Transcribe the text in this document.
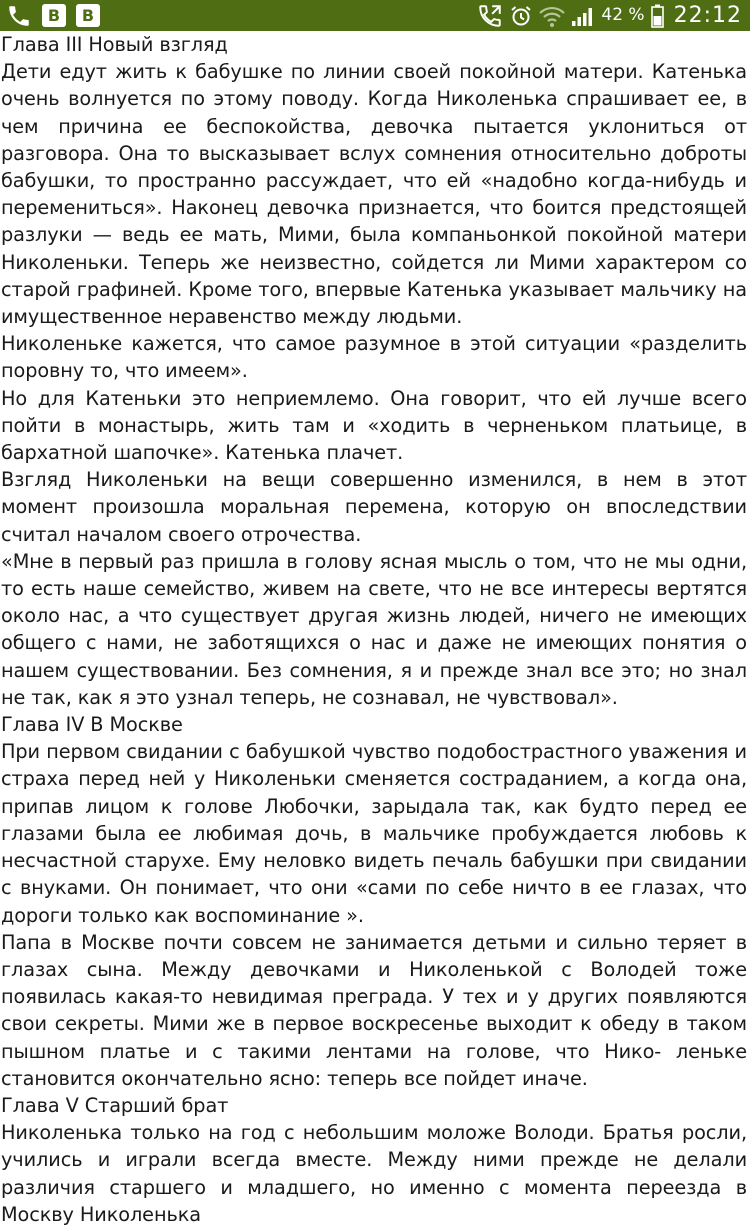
B B	42 % 22:12

Глава III Новый взгляд

Дети едут жить к бабушке по линии своей покойной матери. Катенька очень волнуется по этому поводу. Когда Николенька спрашивает ее, в чем причина ее беспокойства, девочка пытается уклониться от разговора. Она то высказывает вслух сомнения относительно доброты бабушки, то пространно рассуждает, что ей «надобно когда-нибудь и перемениться». Наконец девочка признается, что боится предстоящей разлуки — ведь ее мать, Мими, была компаньонкой покойной матери Николеньки. Теперь же неизвестно, сойдется ли Мими характером со старой графиней. Кроме того, впервые Катенька указывает мальчику на имущественное неравенство между людьми.

Николеньке кажется, что самое разумное в этой ситуации «разделить поровну то, что имеем».

Но для Катеньки это неприемлемо. Она говорит, что ей лучше всего пойти в монастырь, жить там и «ходить в черненьком платьице, в бархатной шапочке». Катенька плачет.

Взгляд Николеньки на вещи совершенно изменился, в нем в этот момент произошла моральная перемена, которую он впоследствии считал началом своего отрочества.

«Мне в первый раз пришла в голову ясная мысль о том, что не мы одни, то есть наше семейство, живем на свете, что не все интересы вертятся около нас, а что существует другая жизнь людей, ничего не имеющих общего с нами, не заботящихся о нас и даже не имеющих понятия о нашем существовании. Без сомнения, я и прежде знал все это; но знал не так, как я это узнал теперь, не сознавал, не чувствовал».

Глава IV В Москве

При первом свидании с бабушкой чувство подобострастного уважения и страха перед ней у Николеньки сменяется состраданием, а когда она, припав лицом к голове Любочки, зарыдала так, как будто перед ее глазами была ее любимая дочь, в мальчике пробуждается любовь к несчастной старухе. Ему неловко видеть печаль бабушки при свидании с внуками. Он понимает, что они «сами по себе ничто в ее глазах, что дороги только как воспоминание ».

Папа в Москве почти совсем не занимается детьми и сильно теряет в глазах сына. Между девочками и Николенькой с Володей тоже появилась какая-то невидимая преграда. У тех и у других появляются свои секреты. Мими же в первое воскресенье выходит к обеду в таком пышном платье и с такими лентами на голове, что Нико- леньке становится окончательно ясно: теперь все пойдет иначе.

Глава V Старший брат

Николенька только на год с небольшим моложе Володи. Братья росли, учились и играли всегда вместе. Между ними прежде не делали различия старшего и младшего, но именно с момента переезда в Москву Николенька
